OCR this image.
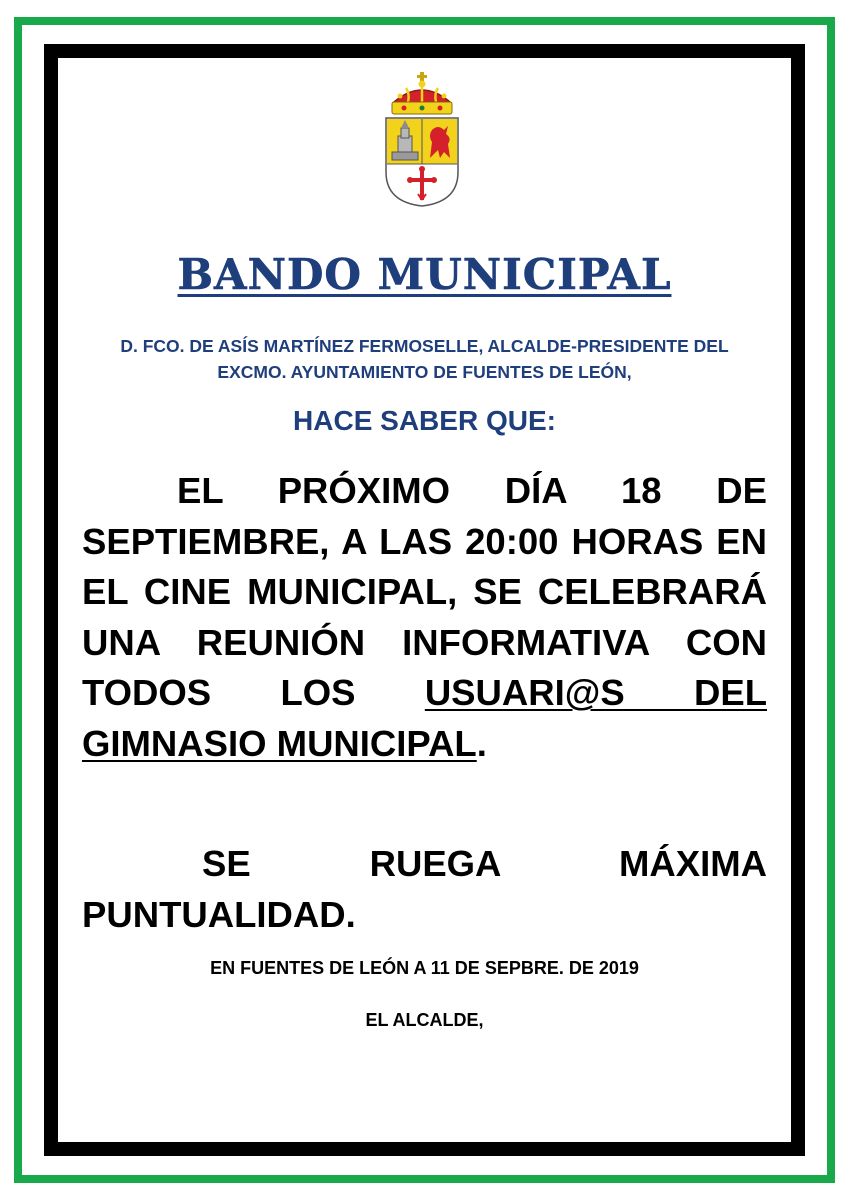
BANDO MUNICIPAL
D. FCO. DE ASÍS MARTÍNEZ FERMOSELLE, ALCALDE-PRESIDENTE DEL
EXCMO. AYUNTAMIENTO DE FUENTES DE LEÓN,
HACE SABER QUE:
EL PRÓXIMO DÍA 18 DE SEPTIEMBRE, A LAS 20:00 HORAS EN EL CINE MUNICIPAL, SE CELEBRARÁ UNA REUNIÓN INFORMATIVA CON TODOS LOS USUARI@S DEL GIMNASIO MUNICIPAL.
SE RUEGA MÁXIMA PUNTUALIDAD.
EN FUENTES DE LEÓN A 11 DE SEPBRE. DE 2019
EL ALCALDE,
